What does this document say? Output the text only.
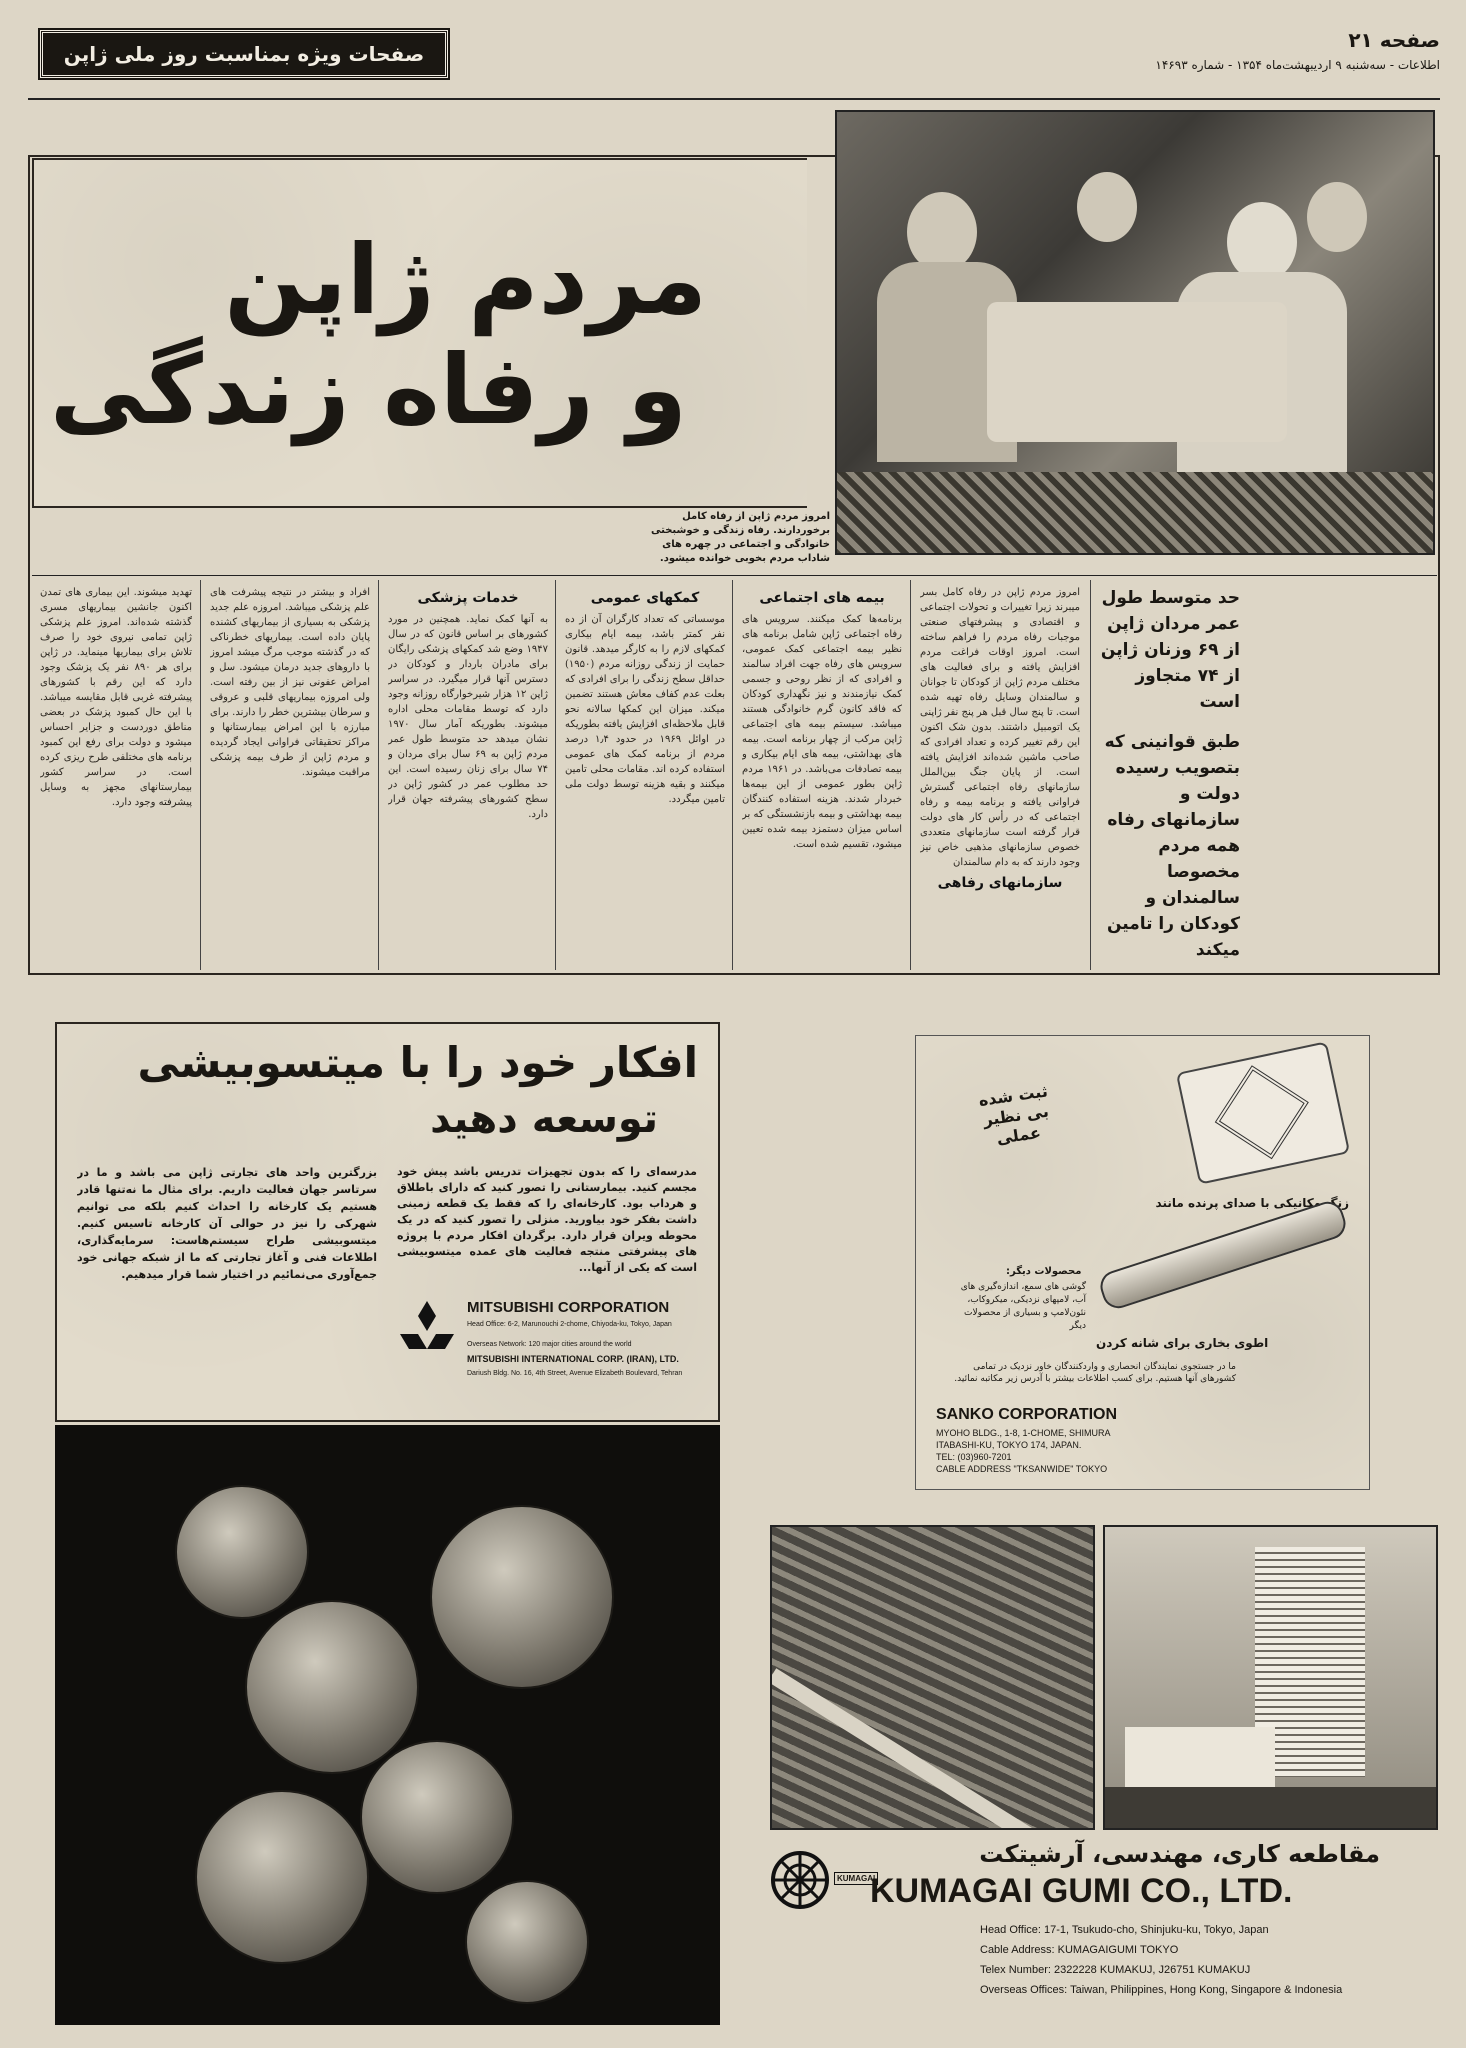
صفحه ۲۱
اطلاعات - سه‌شنبه ۹ اردیبهشت‌ماه ۱۳۵۴ - شماره ۱۴۶۹۳
صفحات ویژه بمناسبت روز ملی ژاپن
مردم ژاپن
و رفاه زندگی
امروز مردم ژاپن از رفاه کامل برخوردارند. رفاه زندگی و خوشبختی خانوادگی و اجتماعی در چهره های شاداب مردم بخوبی خوانده میشود.
حد متوسط طول عمر مردان ژاپن از ۶۹ وزنان ژاپن از ۷۴ متجاوز است
طبق قوانینی که بتصویب رسیده دولت و سازمانهای رفاه همه مردم مخصوصا سالمندان و کودکان را تامین میکند
امروز مردم ژاپن در رفاه کامل بسر میبرند زیرا تغییرات و تحولات اجتماعی و اقتصادی و پیشرفتهای صنعتی موجبات رفاه مردم را فراهم ساخته است. امروز اوقات فراغت مردم افزایش یافته و برای فعالیت های مختلف مردم ژاپن از کودکان تا جوانان و سالمندان وسایل رفاه تهیه شده است. تا پنج سال قبل هر پنج نفر ژاپنی یک اتومبیل داشتند. بدون شک اکنون این رقم تغییر کرده و تعداد افرادی که صاحب ماشین شده‌اند افزایش یافته است. از پایان جنگ بین‌الملل سازمانهای رفاه اجتماعی گسترش فراوانی یافته و برنامه بیمه و رفاه اجتماعی که در رأس کار های دولت قرار گرفته است سازمانهای متعددی خصوص سازمانهای مذهبی خاص نیز وجود دارند که به دام سالمندان
سازمانهای رفاهی
بیمه های اجتماعی
برنامه‌ها کمک میکنند. سرویس های رفاه اجتماعی ژاپن شامل برنامه های نظیر بیمه اجتماعی کمک عمومی، سرویس های رفاه جهت افراد سالمند و افرادی که از نظر روحی و جسمی کمک نیازمندند و نیز نگهداری کودکان که فاقد کانون گرم خانوادگی هستند میباشد. سیستم بیمه های اجتماعی ژاپن مرکب از چهار برنامه است. بیمه های بهداشتی، بیمه های ایام بیکاری و بیمه تصادفات می‌باشد. در ۱۹۶۱ مردم ژاپن بطور عمومی از این بیمه‌ها خبردار شدند. هزینه استفاده کنندگان بیمه بهداشتی و بیمه بازنشستگی که بر اساس میزان دستمزد بیمه شده تعیین میشود، تقسیم شده است.
کمکهای عمومی
موسساتی که تعداد کارگران آن از ده نفر کمتر باشد، بیمه ایام بیکاری کمکهای لازم را به کارگر میدهد. قانون حمایت از زندگی روزانه مردم (۱۹۵۰) حداقل سطح زندگی را برای افرادی که بعلت عدم کفاف معاش هستند تضمین میکند. میزان این کمکها سالانه نحو قابل ملاحظه‌ای افزایش یافته بطوریکه در اوائل ۱۹۶۹ در حدود ۱٫۴ درصد مردم از برنامه کمک های عمومی استفاده کرده اند. مقامات محلی تامین میکنند و بقیه هزینه توسط دولت ملی تامین میگردد.
خدمات پزشکی
به آنها کمک نماید. همچنین در مورد کشورهای بر اساس قانون که در سال ۱۹۴۷ وضع شد کمکهای پزشکی رایگان برای مادران باردار و کودکان در دسترس آنها قرار میگیرد. در سراسر ژاپن ۱۲ هزار شیرخوارگاه روزانه وجود دارد که توسط مقامات محلی اداره میشوند. بطوریکه آمار سال ۱۹۷۰ نشان میدهد حد متوسط طول عمر مردم ژاپن به ۶۹ سال برای مردان و ۷۴ سال برای زنان رسیده است. این حد مطلوب عمر در کشور ژاپن در سطح کشورهای پیشرفته جهان قرار دارد.
افراد و بیشتر در نتیجه پیشرفت های علم پزشکی میباشد. امروزه علم جدید پزشکی به بسیاری از بیماریهای کشنده پایان داده است. بیماریهای خطرناکی که در گذشته موجب مرگ میشد امروز با داروهای جدید درمان میشود. سل و امراض عفونی نیز از بین رفته است. ولی امروزه بیماریهای قلبی و عروقی و سرطان بیشترین خطر را دارند. برای مبارزه با این امراض بیمارستانها و مراکز تحقیقاتی فراوانی ایجاد گردیده و مردم ژاپن از طرف بیمه پزشکی مراقبت میشوند.
تهدید میشوند. این بیماری های تمدن اکنون جانشین بیماریهای مسری گذشته شده‌اند. امروز علم پزشکی ژاپن تمامی نیروی خود را صرف تلاش برای بیماریها مینماید. در ژاپن برای هر ۸۹۰ نفر یک پزشک وجود دارد که این رقم با کشورهای پیشرفته غربی قابل مقایسه میباشد. با این حال کمبود پزشک در بعضی مناطق دوردست و جزایر احساس میشود و دولت برای رفع این کمبود برنامه های مختلفی طرح ریزی کرده است. در سراسر کشور بیمارستانهای مجهز به وسایل پیشرفته وجود دارد.
افکار خود را با میتسوبیشی
توسعه دهید
بزرگترین واحد های تجارتی ژاپن می باشد و ما در سرتاسر جهان فعالیت داریم. برای مثال ما نه‌تنها قادر هستیم یک کارخانه را احداث کنیم بلکه می توانیم شهرکی را نیز در حوالی آن کارخانه تاسیس کنیم. میتسوبیشی طراح سیستم‌هاست: سرمایه‌گذاری، اطلاعات فنی و آغاز تجارتی که ما از شبکه جهانی خود جمع‌آوری می‌نمائیم در اختیار شما قرار میدهیم.
مدرسه‌ای را که بدون تجهیزات تدریس باشد پیش خود مجسم کنید. بیمارستانی را تصور کنید که دارای باطلاق و هرداب بود. کارخانه‌ای را که فقط یک قطعه زمینی داشت بفکر خود بیاورید. منزلی را تصور کنید که در یک محوطه ویران قرار دارد. برگردان افکار مردم با پروژه های پیشرفتی منتجه فعالیت های عمده میتسوبیشی است که یکی از آنها...
MITSUBISHI CORPORATION
Head Office: 6-2, Marunouchi 2-chome, Chiyoda-ku, Tokyo, Japan
Overseas Network: 120 major cities around the world
MITSUBISHI INTERNATIONAL CORP. (IRAN), LTD.
Dariush Bldg. No. 16, 4th Street, Avenue Elizabeth Boulevard, Tehran
ثبت شده
بی نظیر
عملی
زنگ مکانیکی با صدای پرنده مانند
محصولات دیگر:
گوشی های سمع، اندازه‌گیری های آب، لامپهای نزدیکی، میکروکاب، نئون‌لامپ و بسیاری از محصولات دیگر
اطوی بخاری برای شانه کردن
ما در جستجوی نمایندگان انحصاری و واردکنندگان خاور نزدیک در تمامی کشورهای آنها هستیم. برای کسب اطلاعات بیشتر با آدرس زیر مکاتبه نمائید.
SANKO CORPORATION
MYOHO BLDG., 1-8, 1-CHOME, SHIMURA
ITABASHI-KU, TOKYO 174, JAPAN.
TEL: (03)960-7201
CABLE ADDRESS "TKSANWIDE" TOKYO
مقاطعه کاری، مهندسی، آرشیتکت
KUMAGAI
KUMAGAI GUMI CO., LTD.
Head Office: 17-1, Tsukudo-cho, Shinjuku-ku, Tokyo, Japan
Cable Address: KUMAGAIGUMI TOKYO
Telex Number: 2322228 KUMAKUJ, J26751 KUMAKUJ
Overseas Offices: Taiwan, Philippines, Hong Kong, Singapore & Indonesia
